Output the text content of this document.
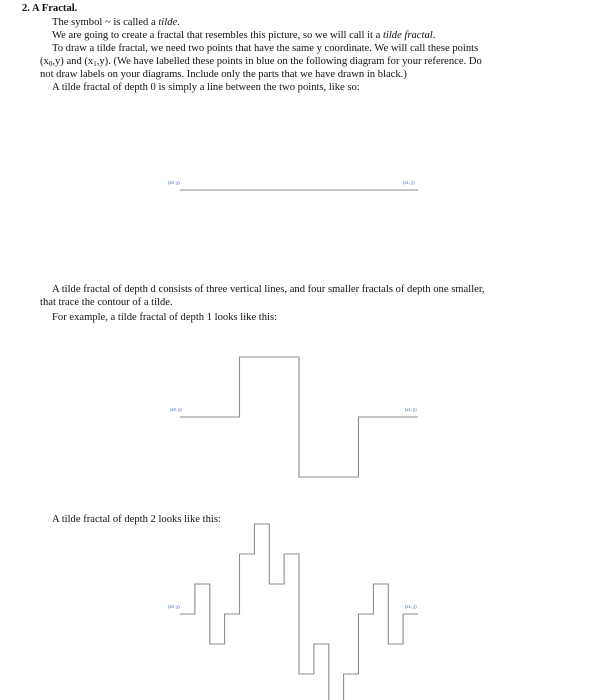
2. A Fractal.
The symbol ~ is called a tilde.
We are going to create a fractal that resembles this picture, so we will call it a tilde fractal.
To draw a tilde fractal, we need two points that have the same y coordinate. We will call these points
$(x_0,y)$ and $(x_1,y)$. (We have labelled these points in blue on the following diagram for your reference. Do
not draw labels on your diagrams. Include only the parts that we have drawn in black.)
A tilde fractal of depth 0 is simply a line between the two points, like so:
A tilde fractal of depth d consists of three vertical lines, and four smaller fractals of depth one smaller,
that trace the contour of a tilde.
For example, a tilde fractal of depth 1 looks like this:
A tilde fractal of depth 2 looks like this:
(x0, y)	(x1, y)
(x0, y)	(x1, y)
(x0, y)	(x1, y)
